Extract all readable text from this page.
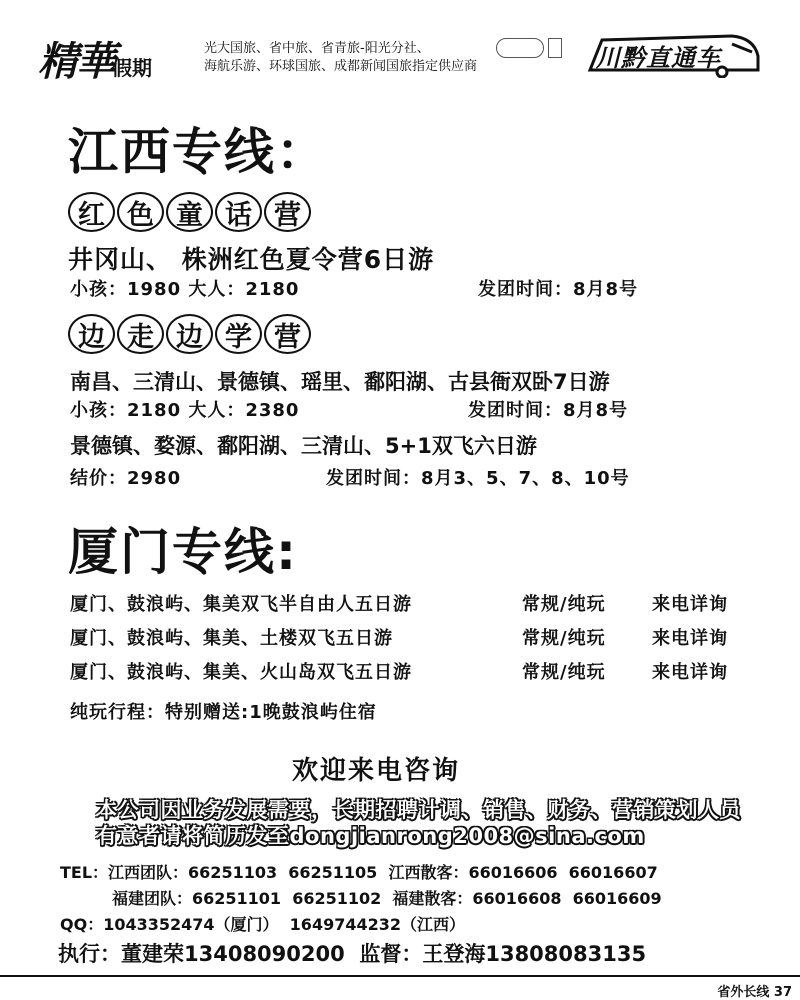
精華
假期
光大国旅、省中旅、省青旅-阳光分社、
海航乐游、环球国旅、成都新闻国旅指定供应商	川黔直通车
江西专线：
红 色 童 话 营
井冈山、 株洲红色夏令营6日游
小孩：1980 大人：2180	发团时间：8月8号
边 走 边 学 营
南昌、三清山、景德镇、瑶里、鄱阳湖、古县衙双卧7日游
小孩：2180 大人：2380	发团时间：8月8号
景德镇、婺源、鄱阳湖、三清山、5+1双飞六日游
结价：2980	发团时间：8月3、5、7、8、10号
厦门专线:
厦门、鼓浪屿、集美双飞半自由人五日游	常规/纯玩	来电详询
厦门、鼓浪屿、集美、土楼双飞五日游	常规/纯玩	来电详询
厦门、鼓浪屿、集美、火山岛双飞五日游	常规/纯玩	来电详询
纯玩行程：特别赠送:1晚鼓浪屿住宿
欢迎来电咨询
本公司因业务发展需要，长期招聘计调、销售、财务、营销策划人员
有意者请将简历发至dongjianrong2008@sina.com
TEL：江西团队：66251103  66251105  江西散客：66016606  66016607
福建团队：66251101  66251102  福建散客：66016608  66016609
QQ：1043352474（厦门）  1649744232（江西）
执行：董建荣13408090200  监督：王登海13808083135
省外长线 37
